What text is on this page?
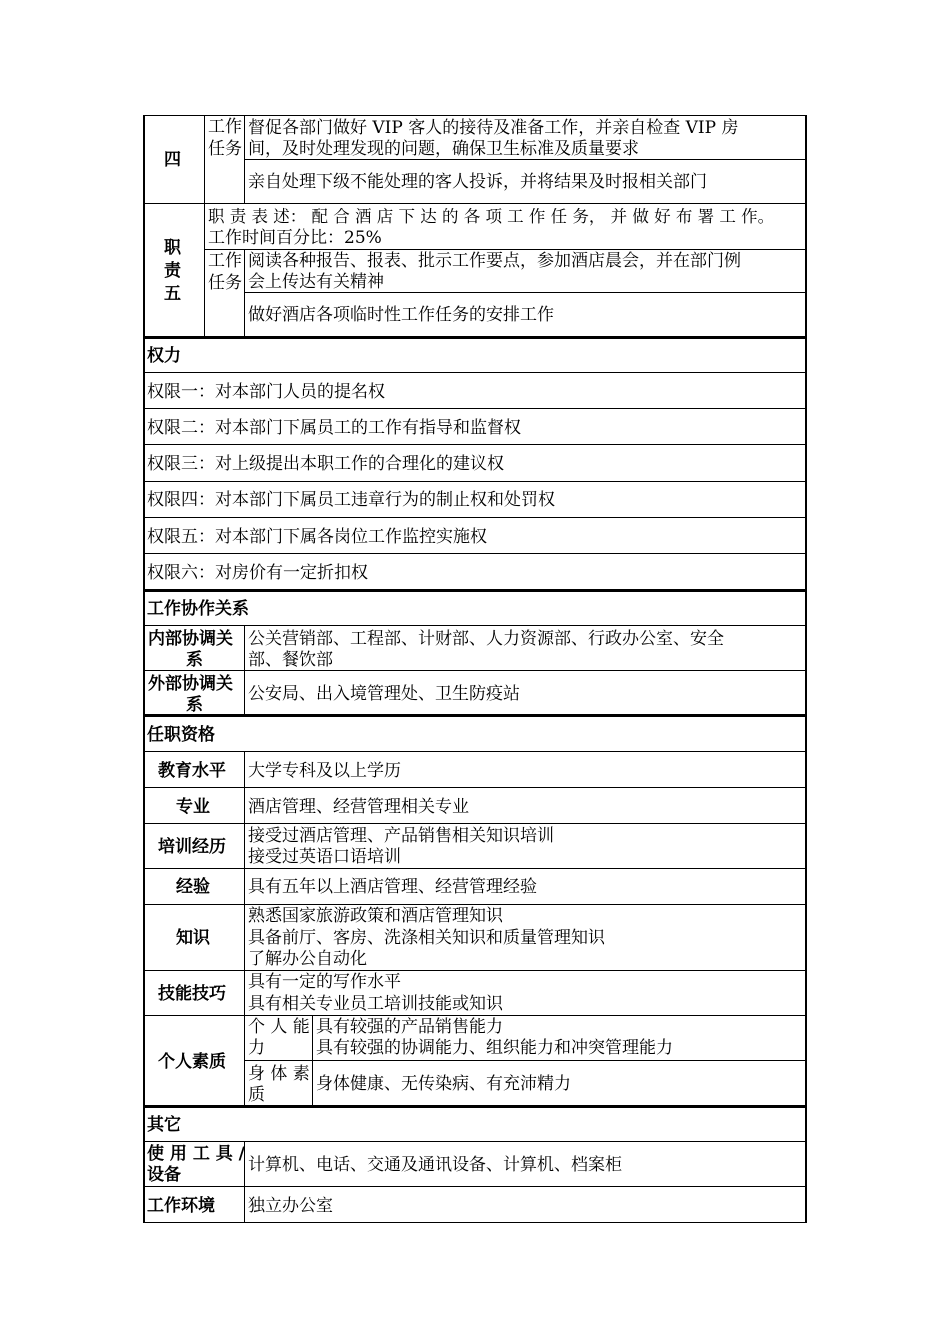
四
工作任务
督促各部门做好 VIP 客人的接待及准备工作，并亲自检查 VIP 房
间，及时处理发现的问题，确保卫生标准及质量要求
亲自处理下级不能处理的客人投诉，并将结果及时报相关部门
职 责 表 述： 配 合 酒 店 下 达 的 各 项 工 作 任 务， 并 做 好 布 署 工 作。
工作时间百分比：25%
职
责
五
工作任务
阅读各种报告、报表、批示工作要点，参加酒店晨会，并在部门例
会上传达有关精神
做好酒店各项临时性工作任务的安排工作
权力
权限一：对本部门人员的提名权
权限二：对本部门下属员工的工作有指导和监督权
权限三：对上级提出本职工作的合理化的建议权
权限四：对本部门下属员工违章行为的制止权和处罚权
权限五：对本部门下属各岗位工作监控实施权
权限六：对房价有一定折扣权
工作协作关系
内部协调关
系
公关营销部、工程部、计财部、人力资源部、行政办公室、安全
部、餐饮部
外部协调关
系
公安局、出入境管理处、卫生防疫站
任职资格
教育水平 大学专科及以上学历
专业 酒店管理、经营管理相关专业
培训经历
接受过酒店管理、产品销售相关知识培训
接受过英语口语培训
经验 具有五年以上酒店管理、经营管理经验
知识
熟悉国家旅游政策和酒店管理知识
具备前厅、客房、洗涤相关知识和质量管理知识
了解办公自动化
技能技巧
具有一定的写作水平
具有相关专业员工培训技能或知识
个人素质
个 人 能
力
具有较强的产品销售能力
具有较强的协调能力、组织能力和冲突管理能力
身 体 素
质
身体健康、无传染病、有充沛精力
其它
使 用 工 具 /
设备	计算机、电话、交通及通讯设备、计算机、档案柜
工作环境 独立办公室
